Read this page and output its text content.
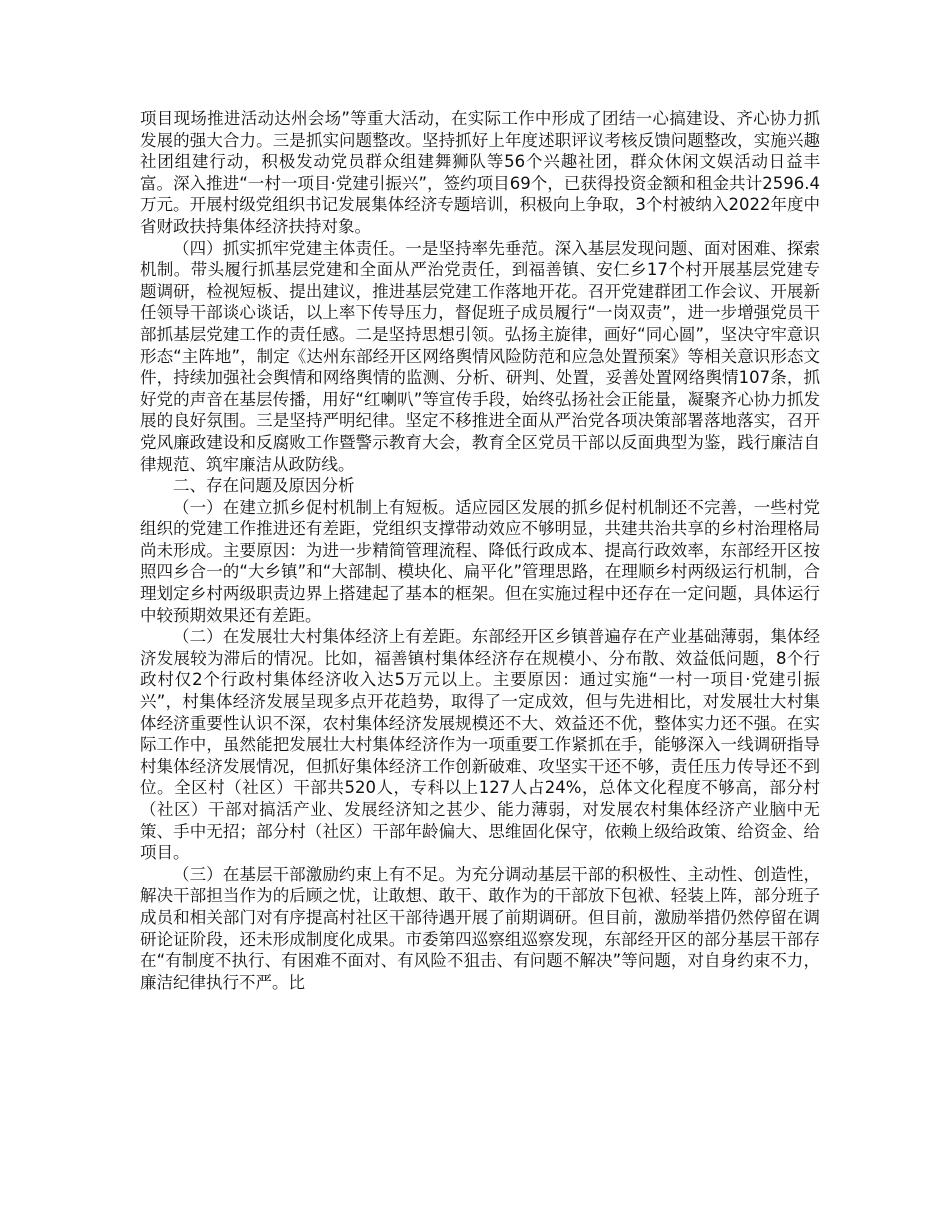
项目现场推进活动达州会场”等重大活动，在实际工作中形成了团结一心搞建设、齐心协力抓发展的强大合力。三是抓实问题整改。坚持抓好上年度述职评议考核反馈问题整改，实施兴趣社团组建行动，积极发动党员群众组建舞狮队等56个兴趣社团，群众休闲文娱活动日益丰富。深入推进“一村一项目·党建引振兴”，签约项目69个，已获得投资金额和租金共计2596.4万元。开展村级党组织书记发展集体经济专题培训，积极向上争取，3个村被纳入2022年度中省财政扶持集体经济扶持对象。

（四）抓实抓牢党建主体责任。一是坚持率先垂范。深入基层发现问题、面对困难、探索机制。带头履行抓基层党建和全面从严治党责任，到福善镇、安仁乡17个村开展基层党建专题调研，检视短板、提出建议，推进基层党建工作落地开花。召开党建群团工作会议、开展新任领导干部谈心谈话，以上率下传导压力，督促班子成员履行“一岗双责”，进一步增强党员干部抓基层党建工作的责任感。二是坚持思想引领。弘扬主旋律，画好“同心圆”，坚决守牢意识形态“主阵地”，制定《达州东部经开区网络舆情风险防范和应急处置预案》等相关意识形态文件，持续加强社会舆情和网络舆情的监测、分析、研判、处置，妥善处置网络舆情107条，抓好党的声音在基层传播，用好“红喇叭”等宣传手段，始终弘扬社会正能量，凝聚齐心协力抓发展的良好氛围。三是坚持严明纪律。坚定不移推进全面从严治党各项决策部署落地落实，召开党风廉政建设和反腐败工作暨警示教育大会，教育全区党员干部以反面典型为鉴，践行廉洁自律规范、筑牢廉洁从政防线。

二、存在问题及原因分析

（一）在建立抓乡促村机制上有短板。适应园区发展的抓乡促村机制还不完善，一些村党组织的党建工作推进还有差距，党组织支撑带动效应不够明显，共建共治共享的乡村治理格局尚未形成。主要原因：为进一步精简管理流程、降低行政成本、提高行政效率，东部经开区按照四乡合一的“大乡镇”和“大部制、模块化、扁平化”管理思路，在理顺乡村两级运行机制，合理划定乡村两级职责边界上搭建起了基本的框架。但在实施过程中还存在一定问题，具体运行中较预期效果还有差距。

（二）在发展壮大村集体经济上有差距。东部经开区乡镇普遍存在产业基础薄弱，集体经济发展较为滞后的情况。比如，福善镇村集体经济存在规模小、分布散、效益低问题，8个行政村仅2个行政村集体经济收入达5万元以上。主要原因：通过实施“一村一项目·党建引振兴”，村集体经济发展呈现多点开花趋势，取得了一定成效，但与先进相比，对发展壮大村集体经济重要性认识不深，农村集体经济发展规模还不大、效益还不优，整体实力还不强。在实际工作中，虽然能把发展壮大村集体经济作为一项重要工作紧抓在手，能够深入一线调研指导村集体经济发展情况，但抓好集体经济工作创新破难、攻坚实干还不够，责任压力传导还不到位。全区村（社区）干部共520人，专科以上127人占24%，总体文化程度不够高，部分村（社区）干部对搞活产业、发展经济知之甚少、能力薄弱，对发展农村集体经济产业脑中无策、手中无招；部分村（社区）干部年龄偏大、思维固化保守，依赖上级给政策、给资金、给项目。

（三）在基层干部激励约束上有不足。为充分调动基层干部的积极性、主动性、创造性，解决干部担当作为的后顾之忧，让敢想、敢干、敢作为的干部放下包袱、轻装上阵，部分班子成员和相关部门对有序提高村社区干部待遇开展了前期调研。但目前，激励举措仍然停留在调研论证阶段，还未形成制度化成果。市委第四巡察组巡察发现，东部经开区的部分基层干部存在“有制度不执行、有困难不面对、有风险不狙击、有问题不解决”等问题，对自身约束不力，廉洁纪律执行不严。比
